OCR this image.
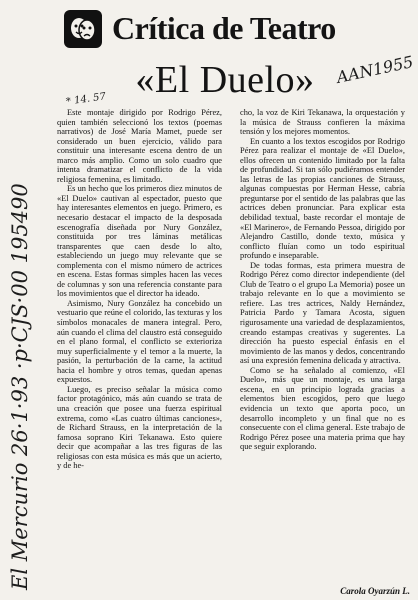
Crítica de Teatro
El Mercurio 26·1·93 ·p·CJS·00 195490
AAN1955
* 14. 57 «El Duelo»

Este montaje dirigido por Rodrigo Pérez, quien también seleccionó los textos (poemas narrativos) de José María Mamet, puede ser considerado un buen ejercicio, válido para constituir una interesante escena dentro de un marco más amplio. Como un solo cuadro que intenta dramatizar el conflicto de la vida religiosa femenina, es limitado.

Es un hecho que los primeros diez minutos de «El Duelo» cautivan al espectador, puesto que hay interesantes elementos en juego. Primero, es necesario destacar el impacto de la desposada escenografía diseñada por Nury González, constituida por tres láminas metálicas transparentes que caen desde lo alto, estableciendo un juego muy relevante que se complementa con el mismo número de actrices en escena. Estas formas simples hacen las veces de columnas y son una referencia constante para los movimientos que el director ha ideado.

Asimismo, Nury González ha concebido un vestuario que reúne el colorido, las texturas y los símbolos monacales de manera integral. Pero, aún cuando el clima del claustro está conseguido en el plano formal, el conflicto se exterioriza muy superficialmente y el temor a la muerte, la pasión, la perturbación de la carne, la actitud hacia el hombre y otros temas, quedan apenas expuestos.

Luego, es preciso señalar la música como factor protagónico, más aún cuando se trata de una creación que posee una fuerza espiritual extrema, como «Las cuatro últimas canciones», de Richard Strauss, en la interpretación de la famosa soprano Kiri Tekanawa. Esto quiere decir que acompañar a las tres figuras de las religiosas con esta música es más que un acierto, y de he-

cho, la voz de Kiri Tekanawa, la orquestación y la música de Strauss confieren la máxima tensión y los mejores momentos.

En cuanto a los textos escogidos por Rodrigo Pérez para realizar el montaje de «El Duelo», ellos ofrecen un contenido limitado por la falta de profundidad. Si tan sólo pudiéramos entender las letras de las propias canciones de Strauss, algunas compuestas por Herman Hesse, cabría preguntarse por el sentido de las palabras que las actrices deben pronunciar. Para explicar esta debilidad textual, baste recordar el montaje de «El Marinero», de Fernando Pessoa, dirigido por Alejandro Castillo, donde texto, música y conflicto fluían como un todo espiritual profundo e inseparable.

De todas formas, esta primera muestra de Rodrigo Pérez como director independiente (del Club de Teatro o el grupo La Memoria) posee un trabajo relevante en lo que a movimiento se refiere. Las tres actrices, Naldy Hernández, Patricia Pardo y Tamara Acosta, siguen rigurosamente una variedad de desplazamientos, creando estampas creativas y sugerentes. La dirección ha puesto especial énfasis en el movimiento de las manos y dedos, concentrando así una expresión femenina delicada y atractiva.

Como se ha señalado al comienzo, «El Duelo», más que un montaje, es una larga escena, en un principio lograda gracias a elementos bien escogidos, pero que luego evidencia un texto que aporta poco, un desarrollo incompleto y un final que no es consecuente con el clima general. Este trabajo de Rodrigo Pérez posee una materia prima que hay que seguir explorando.

Carola Oyarzún L.
